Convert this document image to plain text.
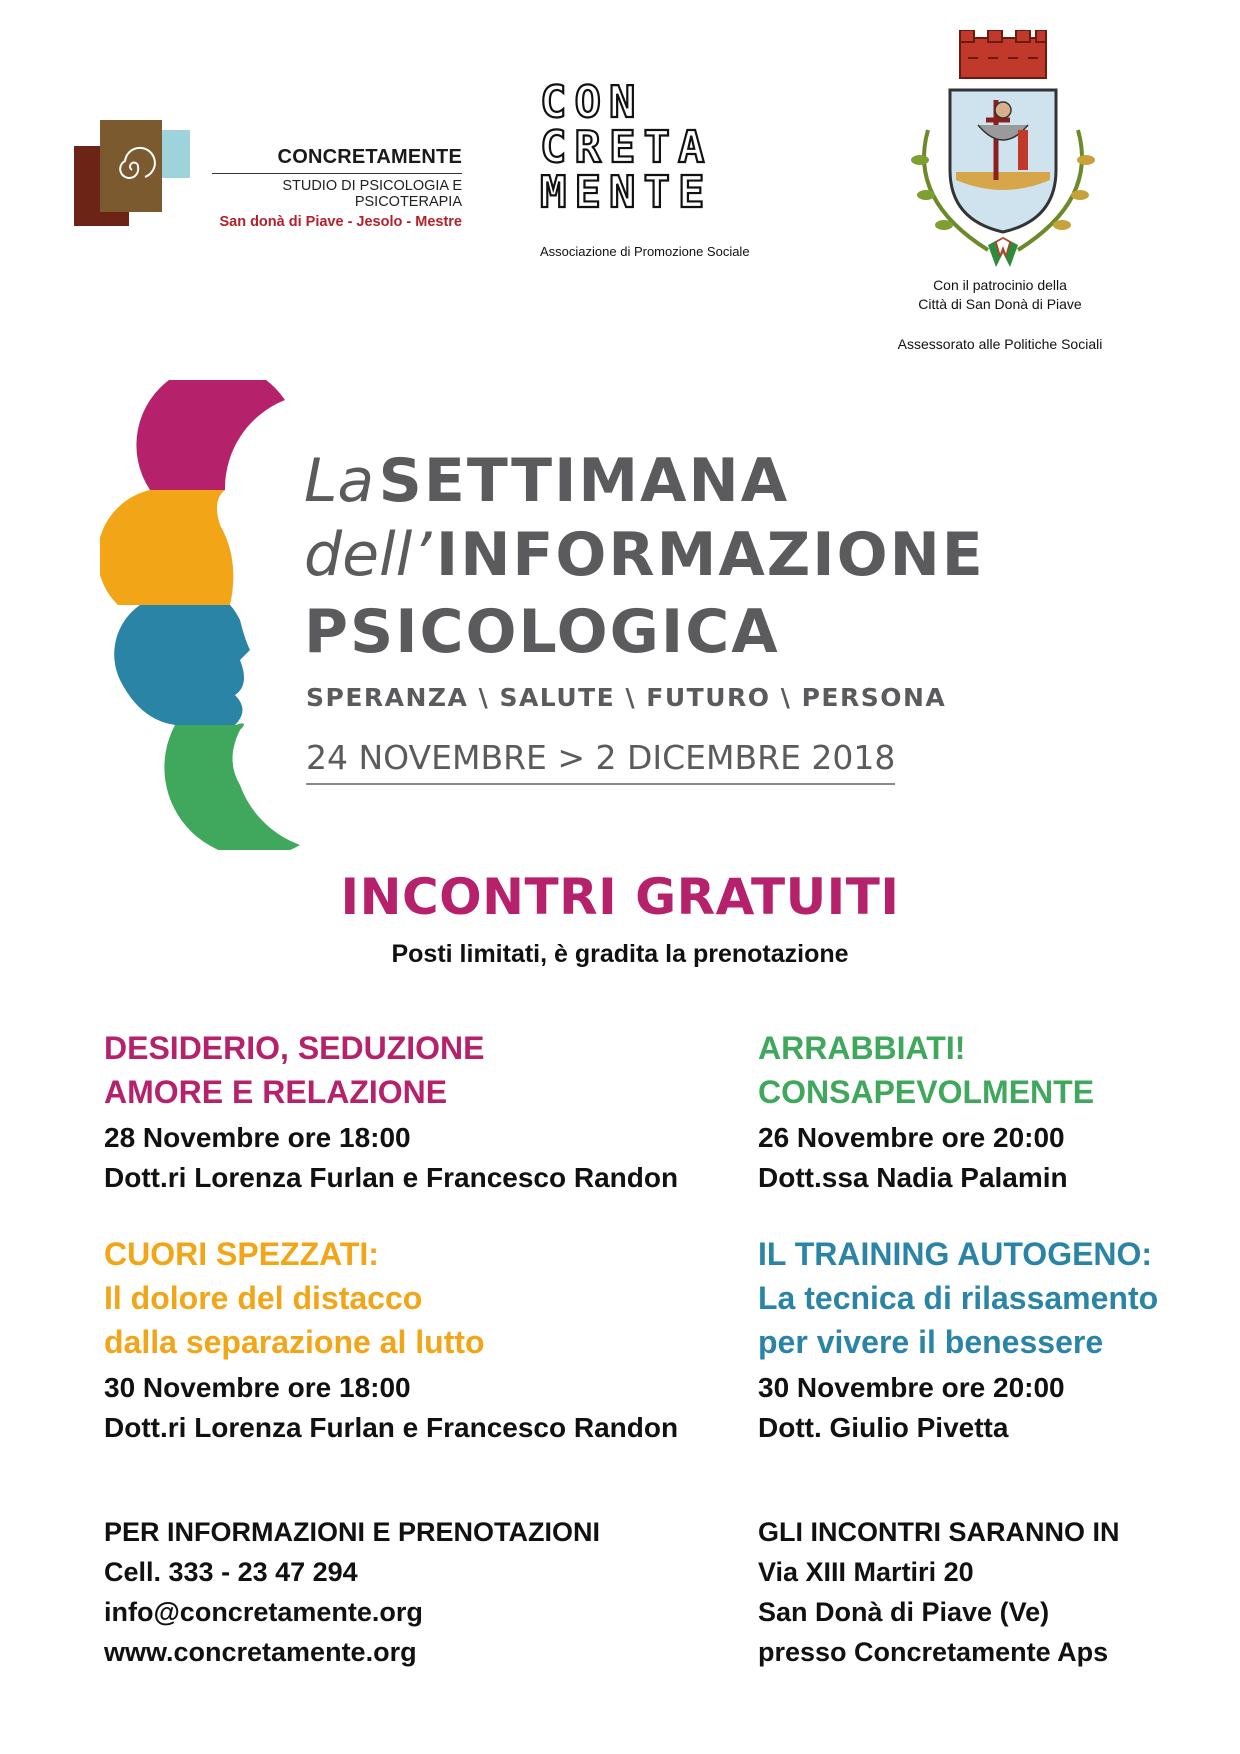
CONCRETAMENTE
STUDIO DI PSICOLOGIA E PSICOTERAPIA
San donà di Piave - Jesolo - Mestre
CON
CRETA
MENTE
Associazione di Promozione Sociale
Con il patrocinio della
Città di San Donà di Piave
Assessorato alle Politiche Sociali
La SETTIMANA
dell’ INFORMAZIONE
PSICOLOGICA
SPERANZA \ SALUTE \ FUTURO \ PERSONA
24 NOVEMBRE > 2 DICEMBRE 2018
INCONTRI GRATUITI
Posti limitati, è gradita la prenotazione
DESIDERIO, SEDUZIONE
AMORE E RELAZIONE
28 Novembre ore 18:00
Dott.ri Lorenza Furlan e Francesco Randon
ARRABBIATI!
CONSAPEVOLMENTE
26 Novembre ore 20:00
Dott.ssa Nadia Palamin
CUORI SPEZZATI:
Il dolore del distacco
dalla separazione al lutto
30 Novembre ore 18:00
Dott.ri Lorenza Furlan e Francesco Randon
IL TRAINING AUTOGENO:
La tecnica di rilassamento
per vivere il benessere
30 Novembre ore 20:00
Dott. Giulio Pivetta
PER INFORMAZIONI E PRENOTAZIONI
Cell. 333 - 23 47 294
info@concretamente.org
www.concretamente.org
GLI INCONTRI SARANNO IN
Via XIII Martiri 20
San Donà di Piave (Ve)
presso Concretamente Aps
